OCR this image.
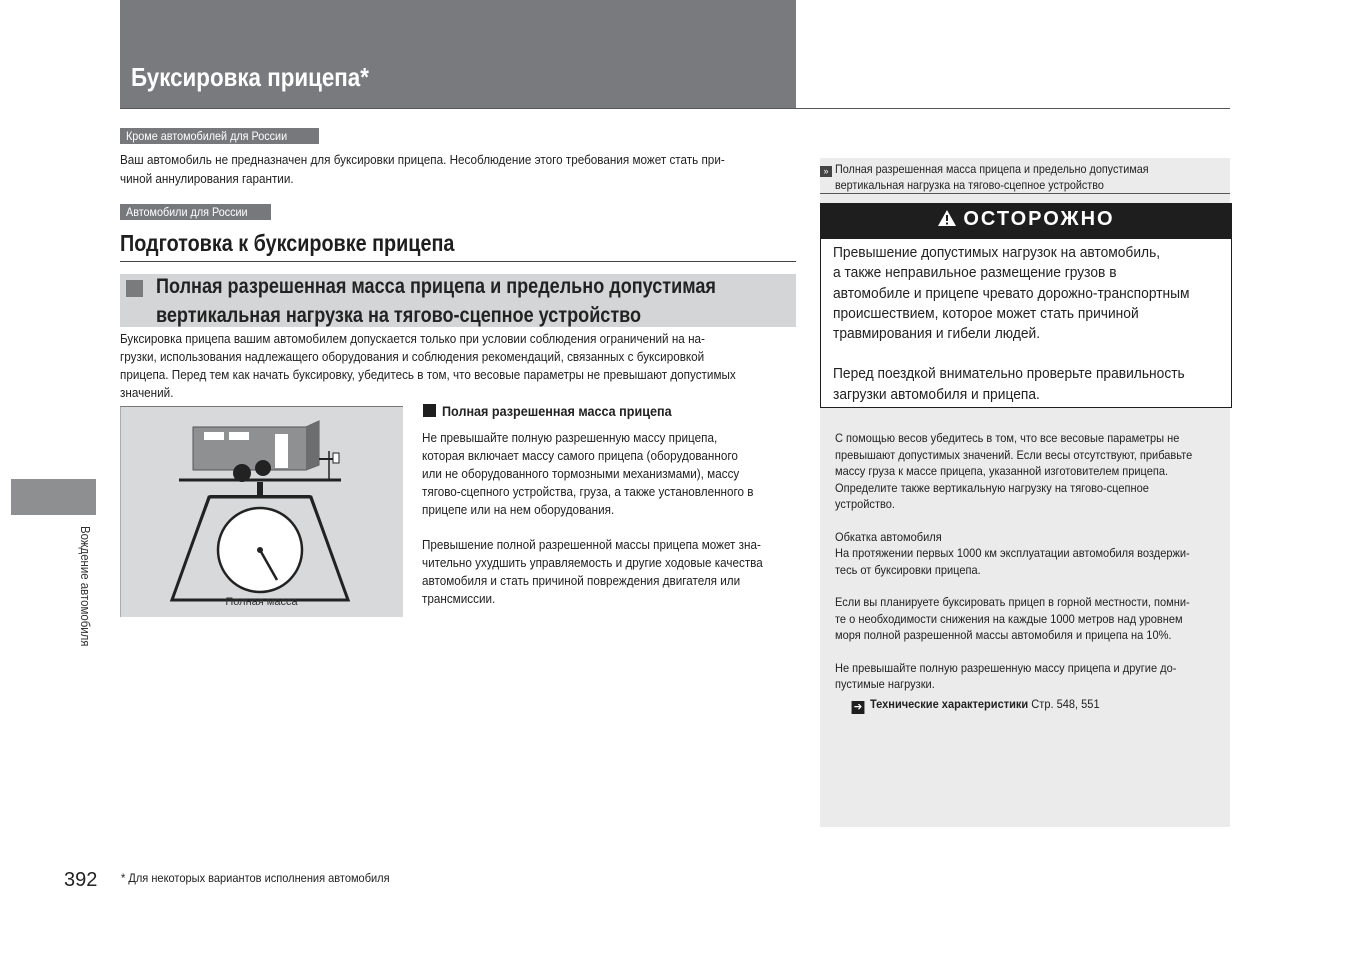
Буксировка прицепа*
Вождение автомобиля
Кроме автомобилей для России
Ваш автомобиль не предназначен для буксировки прицепа. Несоблюдение этого требования может стать при-
чиной аннулирования гарантии.
Автомобили для России
Подготовка к буксировке прицепа
Полная разрешенная масса прицепа и предельно допустимая
вертикальная нагрузка на тягово-сцепное устройство
Буксировка прицепа вашим автомобилем допускается только при условии соблюдения ограничений на на-
грузки, использования надлежащего оборудования и соблюдения рекомендаций, связанных с буксировкой
прицепа. Перед тем как начать буксировку, убедитесь в том, что весовые параметры не превышают допустимых
значений.
Полная масса
Полная разрешенная масса прицепа
Не превышайте полную разрешенную массу прицепа,
которая включает массу самого прицепа (оборудованного
или не оборудованного тормозными механизмами), массу
тягово-сцепного устройства, груза, а также установленного в
прицепе или на нем оборудования.
Превышение полной разрешенной массы прицепа может зна-
чительно ухудшить управляемость и другие ходовые качества
автомобиля и стать причиной повреждения двигателя или
трансмиссии.
» Полная разрешенная масса прицепа и предельно допустимая
вертикальная нагрузка на тягово-сцепное устройство
ОСТОРОЖНО
Превышение допустимых нагрузок на автомобиль,
а также неправильное размещение грузов в
автомобиле и прицепе чревато дорожно-транспортным
происшествием, которое может стать причиной
травмирования и гибели людей.
Перед поездкой внимательно проверьте правильность
загрузки автомобиля и прицепа.
С помощью весов убедитесь в том, что все весовые параметры не
превышают допустимых значений. Если весы отсутствуют, прибавьте
массу груза к массе прицепа, указанной изготовителем прицепа.
Определите также вертикальную нагрузку на тягово-сцепное
устройство.
Обкатка автомобиля
На протяжении первых 1000 км эксплуатации автомобиля воздержи-
тесь от буксировки прицепа.
Если вы планируете буксировать прицеп в горной местности, помни-
те о необходимости снижения на каждые 1000 метров над уровнем
моря полной разрешенной массы автомобиля и прицепа на 10%.
Не превышайте полную разрешенную массу прицепа и другие до-
пустимые нагрузки.
➔ Технические характеристики Стр. 548, 551
392 * Для некоторых вариантов исполнения автомобиля
